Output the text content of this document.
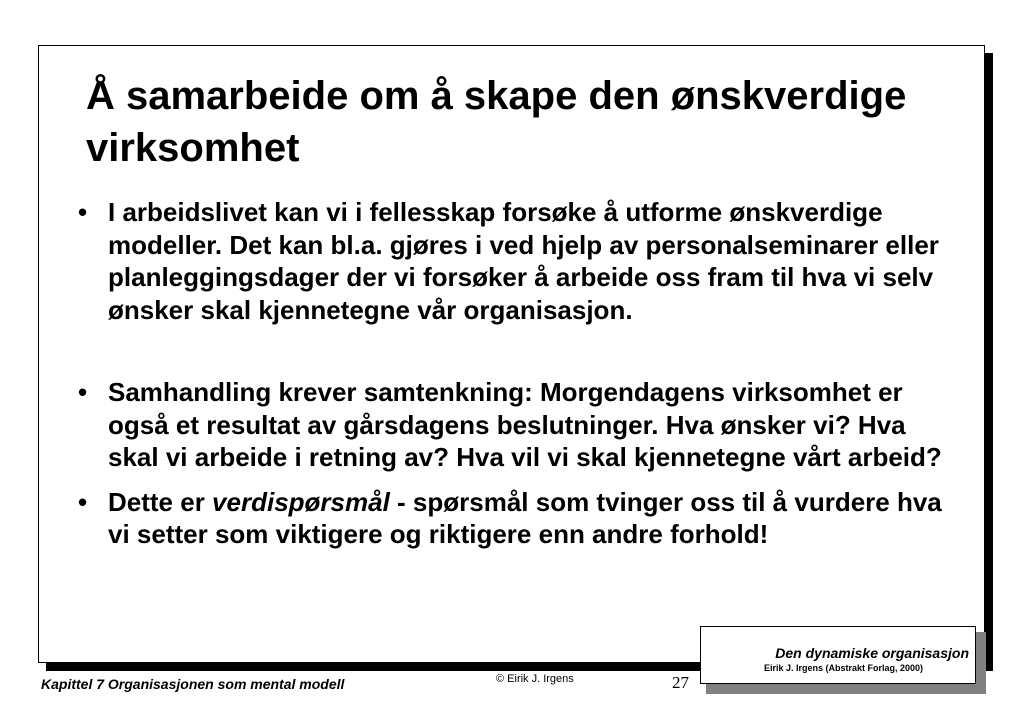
Å samarbeide om å skape den ønskverdige virksomhet
• I arbeidslivet kan vi i fellesskap forsøke å utforme ønskverdige modeller. Det kan bl.a. gjøres i ved hjelp av personalseminarer eller planleggingsdager der vi forsøker å arbeide oss fram til hva vi selv ønsker skal kjennetegne vår organisasjon.
• Samhandling krever samtenkning: Morgendagens virksomhet er også et resultat av gårsdagens beslutninger. Hva ønsker vi? Hva skal vi arbeide i retning av? Hva vil vi skal kjennetegne vårt arbeid?
• Dette er verdispørsmål - spørsmål som tvinger oss til å vurdere hva vi setter som viktigere og riktigere enn andre forhold!
Den dynamiske organisasjon
Eirik J. Irgens (Abstrakt Forlag, 2000)
Kapittel 7 Organisasjonen som mental modell	© Eirik J. Irgens	27
